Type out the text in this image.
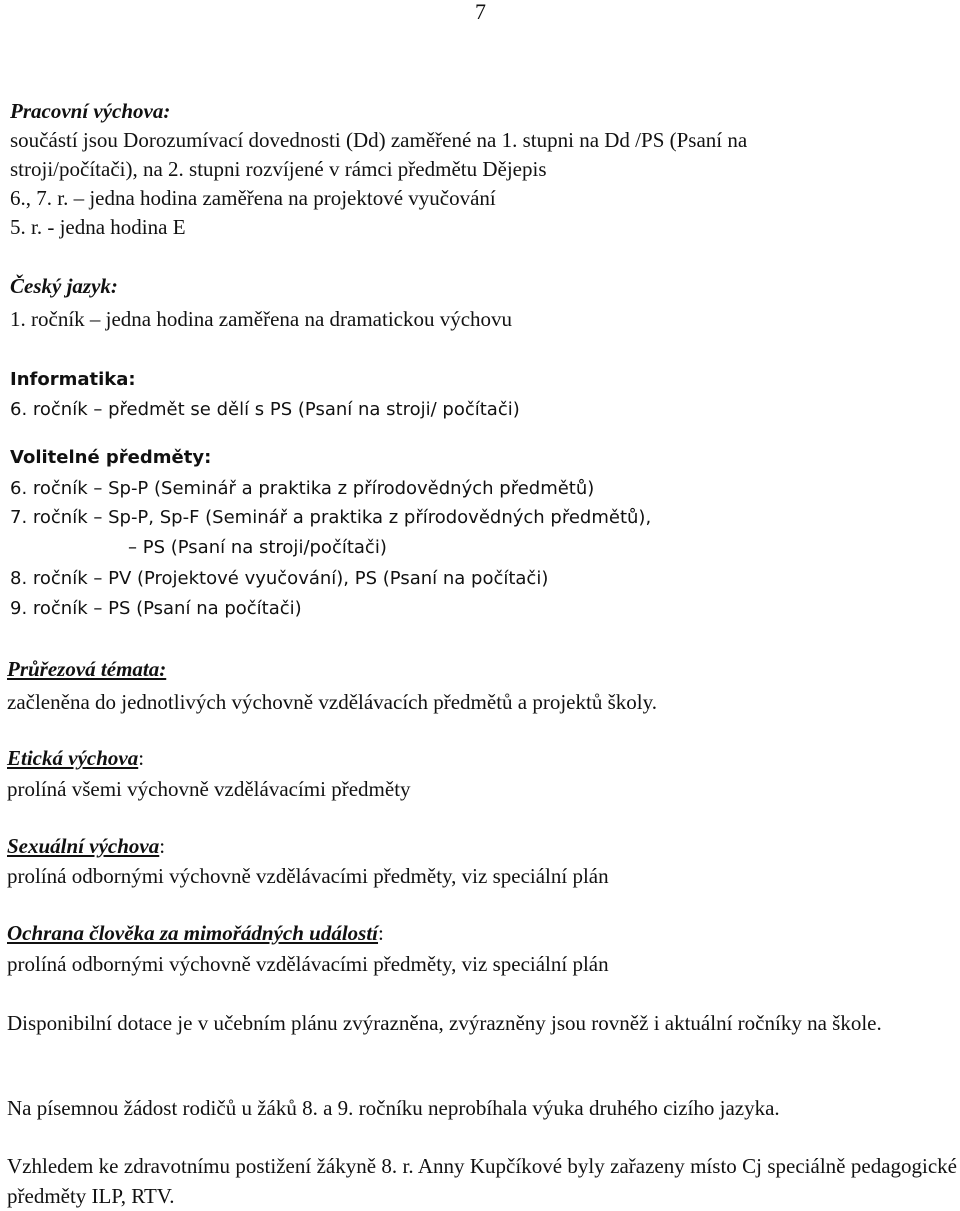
7
Pracovní výchova:
součástí jsou Dorozumívací dovednosti (Dd) zaměřené na 1. stupni na Dd /PS (Psaní na
stroji/počítači), na 2. stupni rozvíjené v rámci předmětu Dějepis
6., 7. r. – jedna hodina zaměřena na projektové vyučování
5. r. - jedna hodina E
Český jazyk:
1. ročník – jedna hodina zaměřena na dramatickou výchovu
Informatika:
6. ročník – předmět se dělí s PS (Psaní na stroji/ počítači)
Volitelné předměty:
6. ročník – Sp-P (Seminář a praktika z přírodovědných předmětů)
7. ročník – Sp-P, Sp-F (Seminář a praktika z přírodovědných předmětů),
– PS (Psaní na stroji/počítači)
8. ročník – PV (Projektové vyučování), PS (Psaní na počítači)
9. ročník – PS (Psaní na počítači)
Průřezová témata:
začleněna do jednotlivých výchovně vzdělávacích předmětů a projektů školy.
Etická výchova:
prolíná všemi výchovně vzdělávacími předměty
Sexuální výchova:
prolíná odbornými výchovně vzdělávacími předměty, viz speciální plán
Ochrana člověka za mimořádných událostí:
prolíná odbornými výchovně vzdělávacími předměty, viz speciální plán
Disponibilní dotace je v učebním plánu zvýrazněna, zvýrazněny jsou rovněž i aktuální ročníky na škole.
Na písemnou žádost rodičů u žáků 8. a 9. ročníku neprobíhala výuka druhého cizího jazyka.
Vzhledem ke zdravotnímu postižení žákyně 8. r. Anny Kupčíkové byly zařazeny místo Cj speciálně pedagogické předměty ILP, RTV.
